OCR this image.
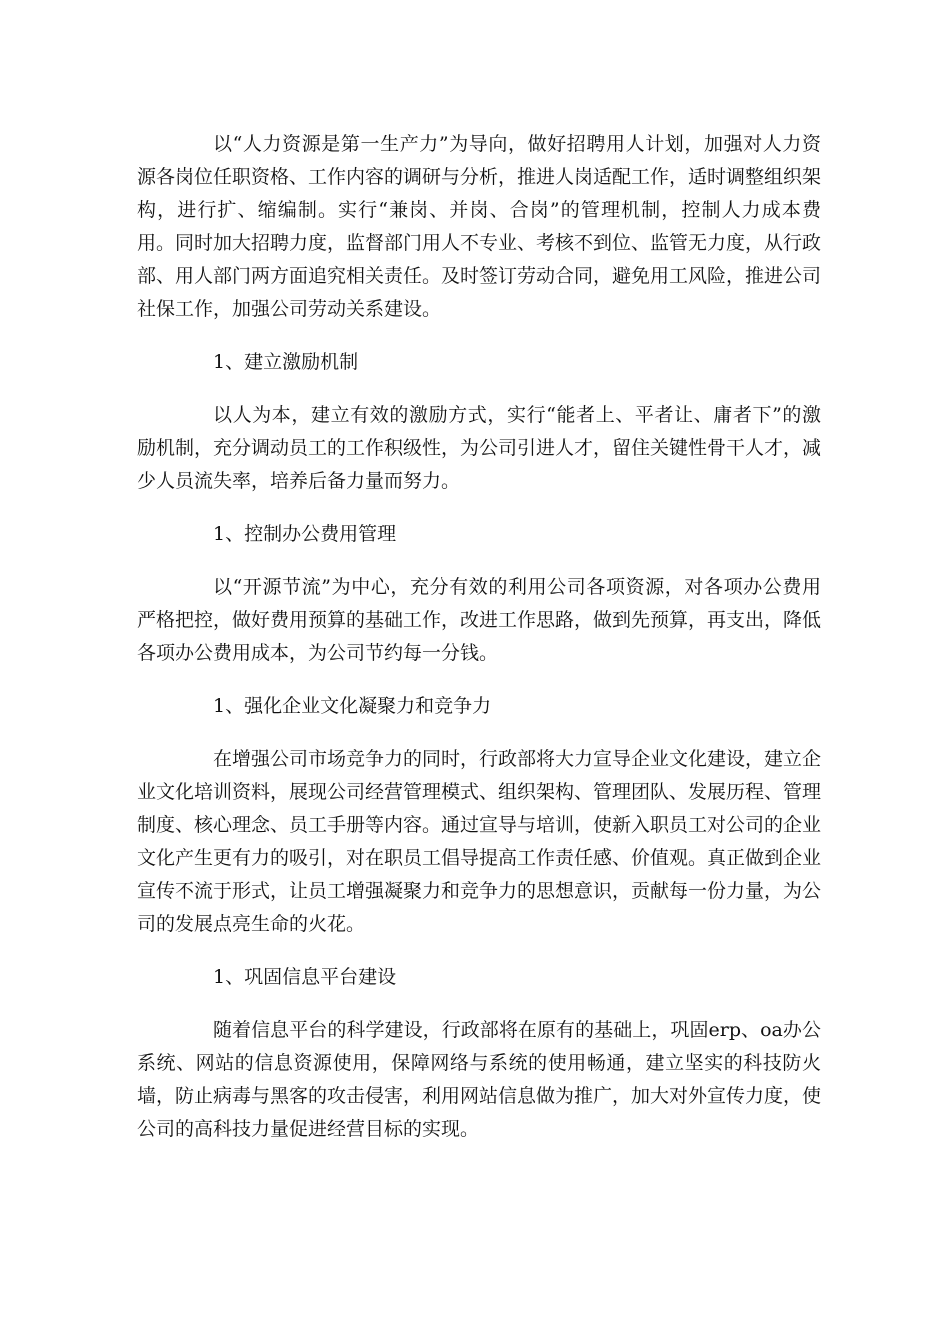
以“人力资源是第一生产力”为导向，做好招聘用人计划，加强对人力资源各岗位任职资格、工作内容的调研与分析，推进人岗适配工作，适时调整组织架构，进行扩、缩编制。实行“兼岗、并岗、合岗”的管理机制，控制人力成本费用。同时加大招聘力度，监督部门用人不专业、考核不到位、监管无力度，从行政部、用人部门两方面追究相关责任。及时签订劳动合同，避免用工风险，推进公司社保工作，加强公司劳动关系建设。

1、建立激励机制

以人为本，建立有效的激励方式，实行“能者上、平者让、庸者下”的激励机制，充分调动员工的工作积级性，为公司引进人才，留住关键性骨干人才，减少人员流失率，培养后备力量而努力。

1、控制办公费用管理

以“开源节流”为中心，充分有效的利用公司各项资源，对各项办公费用严格把控，做好费用预算的基础工作，改进工作思路，做到先预算，再支出，降低各项办公费用成本，为公司节约每一分钱。

1、强化企业文化凝聚力和竞争力

在增强公司市场竞争力的同时，行政部将大力宣导企业文化建设，建立企业文化培训资料，展现公司经营管理模式、组织架构、管理团队、发展历程、管理制度、核心理念、员工手册等内容。通过宣导与培训，使新入职员工对公司的企业文化产生更有力的吸引，对在职员工倡导提高工作责任感、价值观。真正做到企业宣传不流于形式，让员工增强凝聚力和竞争力的思想意识，贡献每一份力量，为公司的发展点亮生命的火花。

1、巩固信息平台建设

随着信息平台的科学建设，行政部将在原有的基础上，巩固erp、oa办公系统、网站的信息资源使用，保障网络与系统的使用畅通，建立坚实的科技防火墙，防止病毒与黑客的攻击侵害，利用网站信息做为推广，加大对外宣传力度，使公司的高科技力量促进经营目标的实现。
